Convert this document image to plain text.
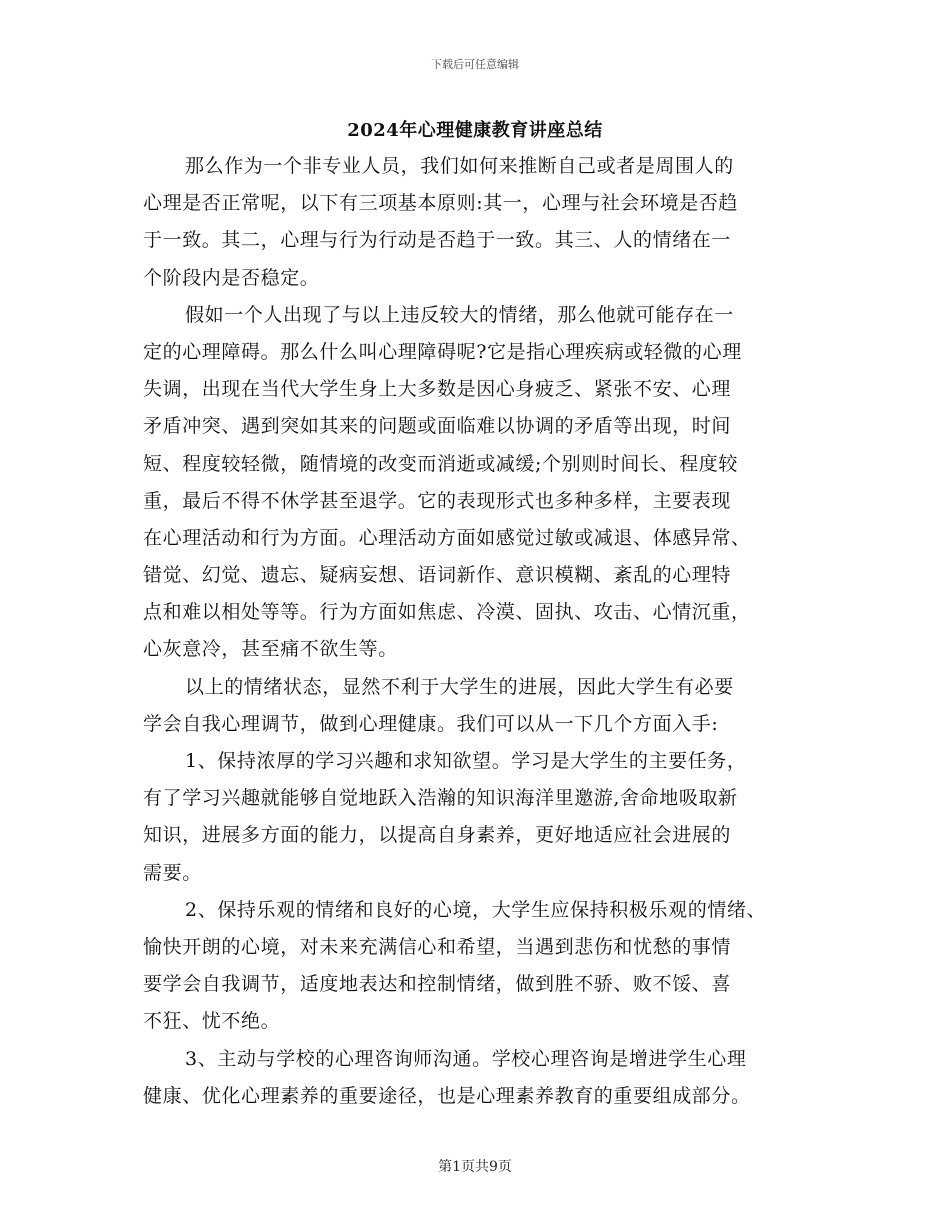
下载后可任意编辑
2024年心理健康教育讲座总结
那么作为一个非专业人员，我们如何来推断自己或者是周围人的
心理是否正常呢，以下有三项基本原则:其一，心理与社会环境是否趋
于一致。其二，心理与行为行动是否趋于一致。其三、人的情绪在一
个阶段内是否稳定。
假如一个人出现了与以上违反较大的情绪，那么他就可能存在一
定的心理障碍。那么什么叫心理障碍呢?它是指心理疾病或轻微的心理
失调，出现在当代大学生身上大多数是因心身疲乏、紧张不安、心理
矛盾冲突、遇到突如其来的问题或面临难以协调的矛盾等出现，时间
短、程度较轻微，随情境的改变而消逝或减缓;个别则时间长、程度较
重，最后不得不休学甚至退学。它的表现形式也多种多样，主要表现
在心理活动和行为方面。心理活动方面如感觉过敏或减退、体感异常、
错觉、幻觉、遗忘、疑病妄想、语词新作、意识模糊、紊乱的心理特
点和难以相处等等。行为方面如焦虑、冷漠、固执、攻击、心情沉重，
心灰意冷，甚至痛不欲生等。
以上的情绪状态，显然不利于大学生的进展，因此大学生有必要
学会自我心理调节，做到心理健康。我们可以从一下几个方面入手:
1、保持浓厚的学习兴趣和求知欲望。学习是大学生的主要任务，
有了学习兴趣就能够自觉地跃入浩瀚的知识海洋里邀游,舍命地吸取新
知识，进展多方面的能力，以提高自身素养，更好地适应社会进展的
需要。
2、保持乐观的情绪和良好的心境，大学生应保持积极乐观的情绪、
愉快开朗的心境，对未来充满信心和希望，当遇到悲伤和忧愁的事情
要学会自我调节，适度地表达和控制情绪，做到胜不骄、败不馁、喜
不狂、忧不绝。
3、主动与学校的心理咨询师沟通。学校心理咨询是增进学生心理
健康、优化心理素养的重要途径，也是心理素养教育的重要组成部分。
第1页共9页
